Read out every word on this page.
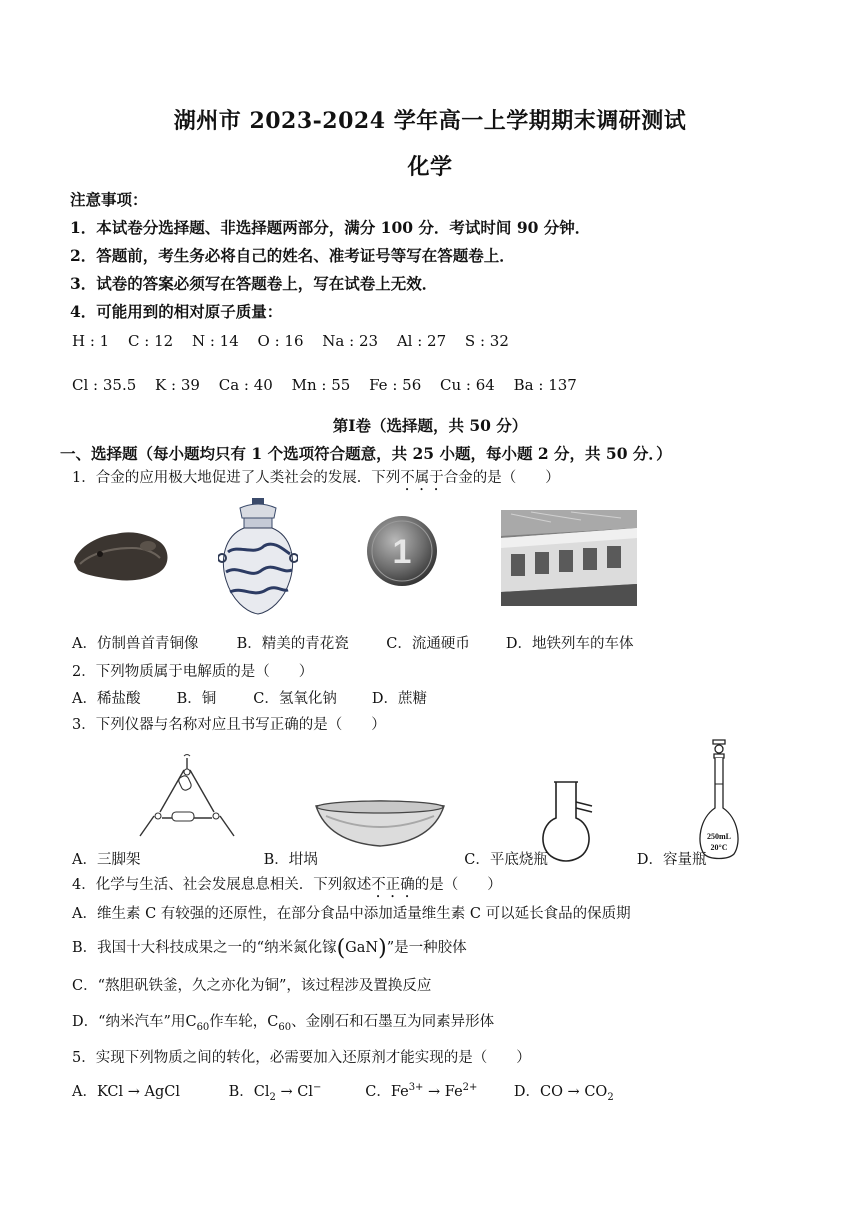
湖州市 2023-2024 学年高一上学期期末调研测试
化学
注意事项：
1．本试卷分选择题、非选择题两部分，满分 100 分．考试时间 90 分钟．
2．答题前，考生务必将自己的姓名、准考证号等写在答题卷上．
3．试卷的答案必须写在答题卷上，写在试卷上无效．
4．可能用到的相对原子质量：
H : 1 C : 12 N : 14 O : 16 Na : 23 Al : 27 S : 32
Cl : 35.5 K : 39 Ca : 40 Mn : 55 Fe : 56 Cu : 64 Ba : 137
第Ⅰ卷（选择题，共 50 分）
一、选择题（每小题均只有 1 个选项符合题意，共 25 小题，每小题 2 分，共 50 分．）
1．合金的应用极大地促进了人类社会的发展．下列不属于合金的是（　　）
1
A．仿制兽首青铜像	B．精美的青花瓷	C．流通硬币 D．地铁列车的车体
2．下列物质属于电解质的是（　　）
A．稀盐酸 B．铜	C．氢氧化钠 D．蔗糖
3．下列仪器与名称对应且书写正确的是（　　）
250mL
20°C
A．三脚架	B．坩埚	C．平底烧瓶	D．容量瓶
4．化学与生活、社会发展息息相关．下列叙述不正确的是（　　）
A．维生素 C 有较强的还原性，在部分食品中添加适量维生素 C 可以延长食品的保质期
B．我国十大科技成果之一的“纳米氮化镓(GaN)”是一种胶体
C．“熬胆矾铁釜，久之亦化为铜”，该过程涉及置换反应
D．“纳米汽车”用$C_{60}$作车轮，$C_{60}$、金刚石和石墨互为同素异形体
5．实现下列物质之间的转化，必需要加入还原剂才能实现的是（　　）
A．KCl → AgCl	B．$Cl_2 \to Cl^-$	C．$Fe^{3+} \to Fe^{2+}$	D．CO → $CO_2$
